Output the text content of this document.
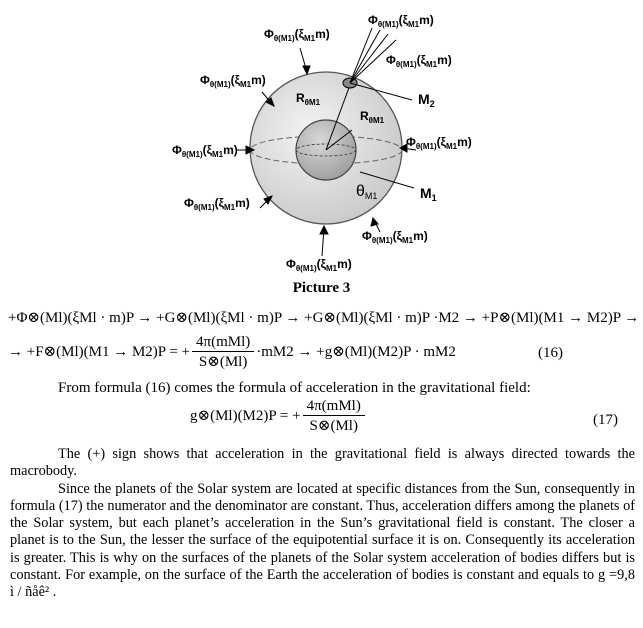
$\Phi_{\theta(M1)}(\xi_{M1}m)$
$\Phi_{\theta(M1)}(\xi_{M1}m)$
$\Phi_{\theta(M1)}(\xi_{M1}m)$
$\Phi_{\theta(M1)}(\xi_{M1}m)$
$\Phi_{\theta(M1)}(\xi_{M1}m)$
$\Phi_{\theta(M1)}(\xi_{M1}m)$
$\Phi_{\theta(M1)}(\xi_{M1}m)$
$\Phi_{\theta(M1)}(\xi_{M1}m)$
$\Phi_{\theta(M1)}(\xi_{M1}m)$
$R_{\theta M1}$
$R_{\theta M1}$
$M_2$
$M_1$
θM1
Picture 3
+Φ⊗(Ml)(ξMl · m)P → +G⊗(Ml)(ξMl · m)P → +G⊗(Ml)(ξMl · m)P ·M2 → +P⊗(Ml)(M1 → M2)P →
→ +F⊗(Ml)(M1 → M2)P = + $\frac{\text{4π(mMl)}}{S\otimes(Ml)} \cdot mM2$ → +g⊗(Ml)(M2)P · mM2	(16)
From formula (16) comes the formula of acceleration in the gravitational field:
g⊗(Ml)(M2)P = + $\frac{\text{4π(mMl)}}{S\otimes(Ml)}$	(17)

The (+) sign shows that acceleration in the gravitational field is always directed towards the macrobody.

Since the planets of the Solar system are located at specific distances from the Sun, consequently in formula (17) the numerator and the denominator are constant. Thus, acceleration differs among the planets of the Solar system, but each planet’s acceleration in the Sun’s gravitational field is constant. The closer a planet is to the Sun, the lesser the surface of the equipotential surface it is on. Consequently its acceleration is greater. This is why on the surfaces of the planets of the Solar system acceleration of bodies differs but is constant. For example, on the surface of the Earth the acceleration of bodies is constant and equals to g =9,8 ì / ñåê² .
